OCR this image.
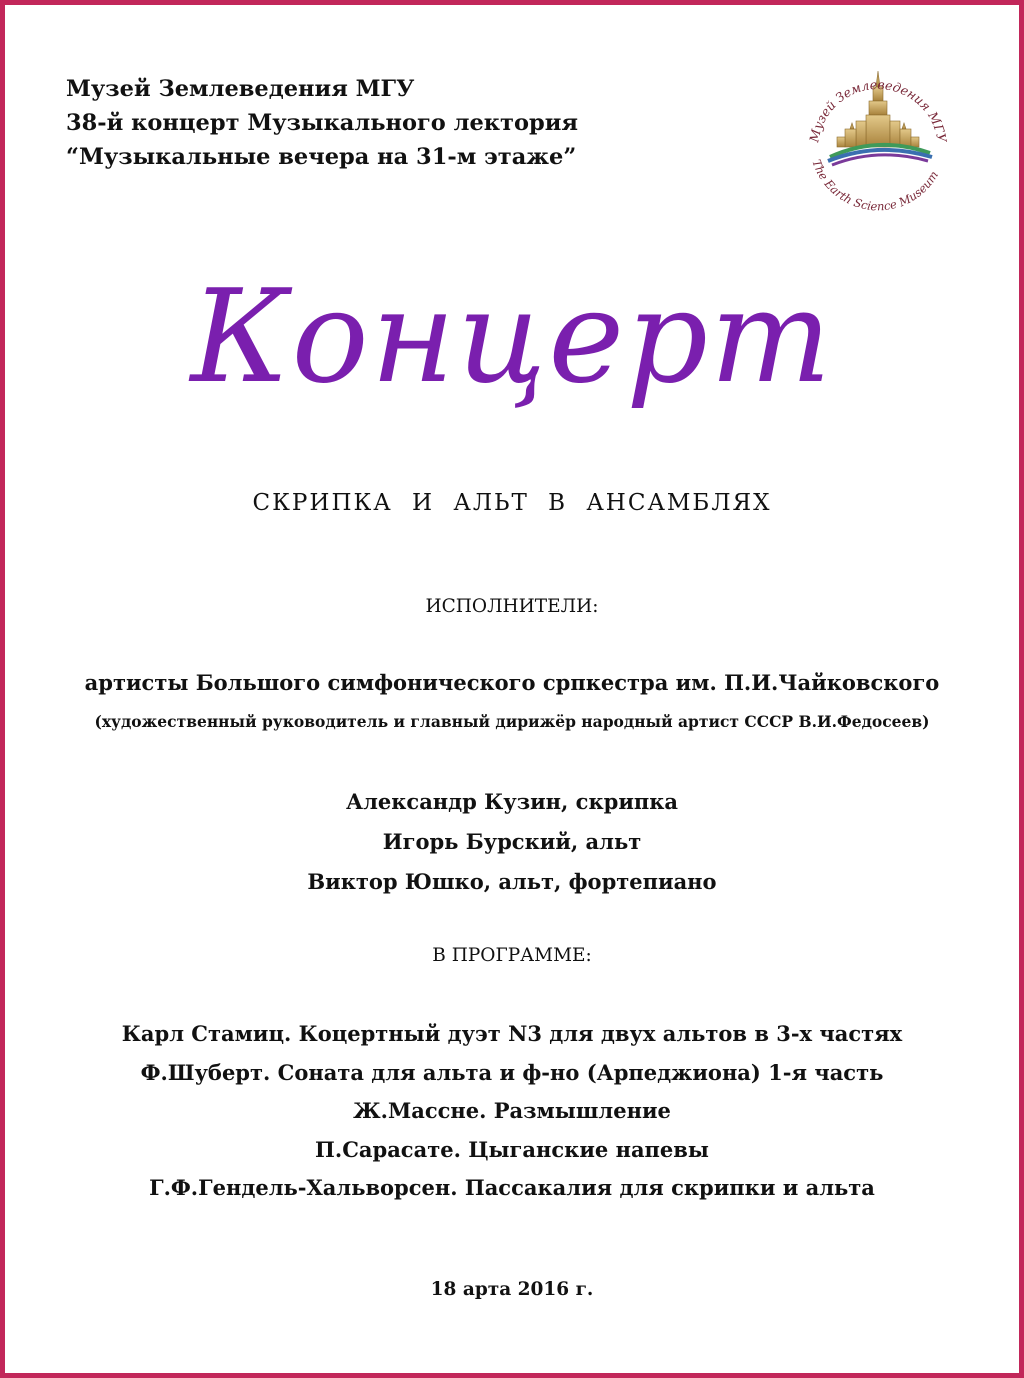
Музей Землеведения МГУ
38-й концерт Музыкального лектория
“Музыкальные вечера на 31-м этаже”
Музей Землеведения МГУ
The Earth Science Museum
Концерт
СКРИПКА И АЛЬТ В АНСАМБЛЯХ
ИСПОЛНИТЕЛИ:
артисты Большого симфонического српкестра им. П.И.Чайковского
(художественный руководитель и главный дирижёр народный артист СССР В.И.Федосеев)
Александр Кузин, скрипка
Игорь Бурский, альт
Виктор Юшко, альт, фортепиано
В ПРОГРАММЕ:
Карл Стамиц. Коцертный дуэт N3 для двух альтов в 3-х частях
Ф.Шуберт. Соната для альта и ф-но (Арпеджиона) 1-я часть
Ж.Массне. Размышление
П.Сарасате. Цыганские напевы
Г.Ф.Гендель-Хальворсен. Пассакалия для скрипки и альта
18 арта 2016 г.
